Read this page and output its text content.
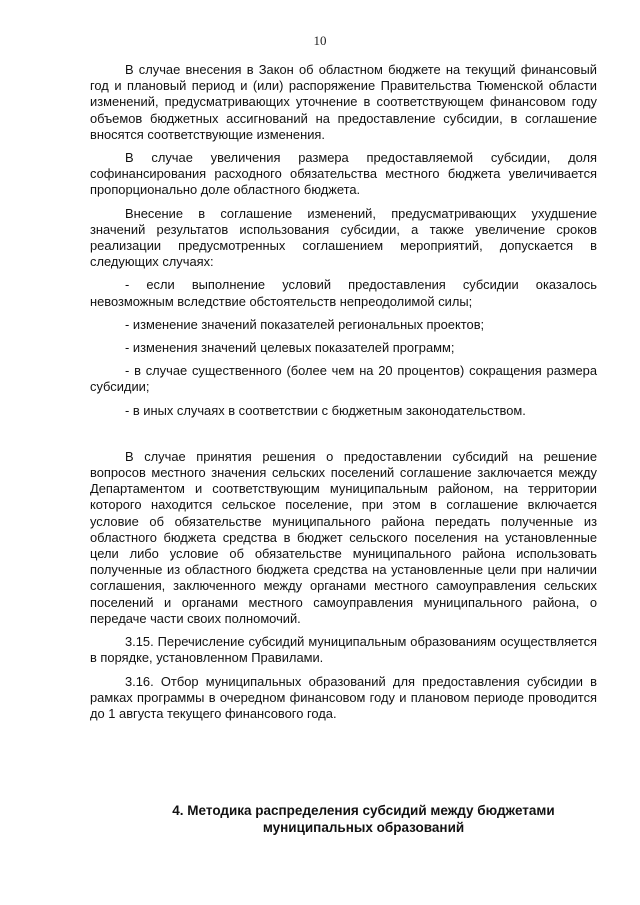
10

В случае внесения в Закон об областном бюджете на текущий финансовый год и плановый период и (или) распоряжение Правительства Тюменской области изменений, предусматривающих уточнение в соответствующем финансовом году объемов бюджетных ассигнований на предоставление субсидии, в соглашение вносятся соответствующие изменения.

В случае увеличения размера предоставляемой субсидии, доля софинансирования расходного обязательства местного бюджета увеличивается пропорционально доле областного бюджета.

Внесение в соглашение изменений, предусматривающих ухудшение значений результатов использования субсидии, а также увеличение сроков реализации предусмотренных соглашением мероприятий, допускается в следующих случаях:

- если выполнение условий предоставления субсидии оказалось невозможным вследствие обстоятельств непреодолимой силы;

- изменение значений показателей региональных проектов;

- изменения значений целевых показателей программ;

- в случае существенного (более чем на 20 процентов) сокращения размера субсидии;

- в иных случаях в соответствии с бюджетным законодательством.

В случае принятия решения о предоставлении субсидий на решение вопросов местного значения сельских поселений соглашение заключается между Департаментом и соответствующим муниципальным районом, на территории которого находится сельское поселение, при этом в соглашение включается условие об обязательстве муниципального района передать полученные из областного бюджета средства в бюджет сельского поселения на установленные цели либо условие об обязательстве муниципального района использовать полученные из областного бюджета средства на установленные цели при наличии соглашения, заключенного между органами местного самоуправления сельских поселений и органами местного самоуправления муниципального района, о передаче части своих полномочий.

3.15. Перечисление субсидий муниципальным образованиям осуществляется в порядке, установленном Правилами.

3.16. Отбор муниципальных образований для предоставления субсидии в рамках программы в очередном финансовом году и плановом периоде проводится до 1 августа текущего финансового года.

4. Методика распределения субсидий между бюджетами
муниципальных образований
